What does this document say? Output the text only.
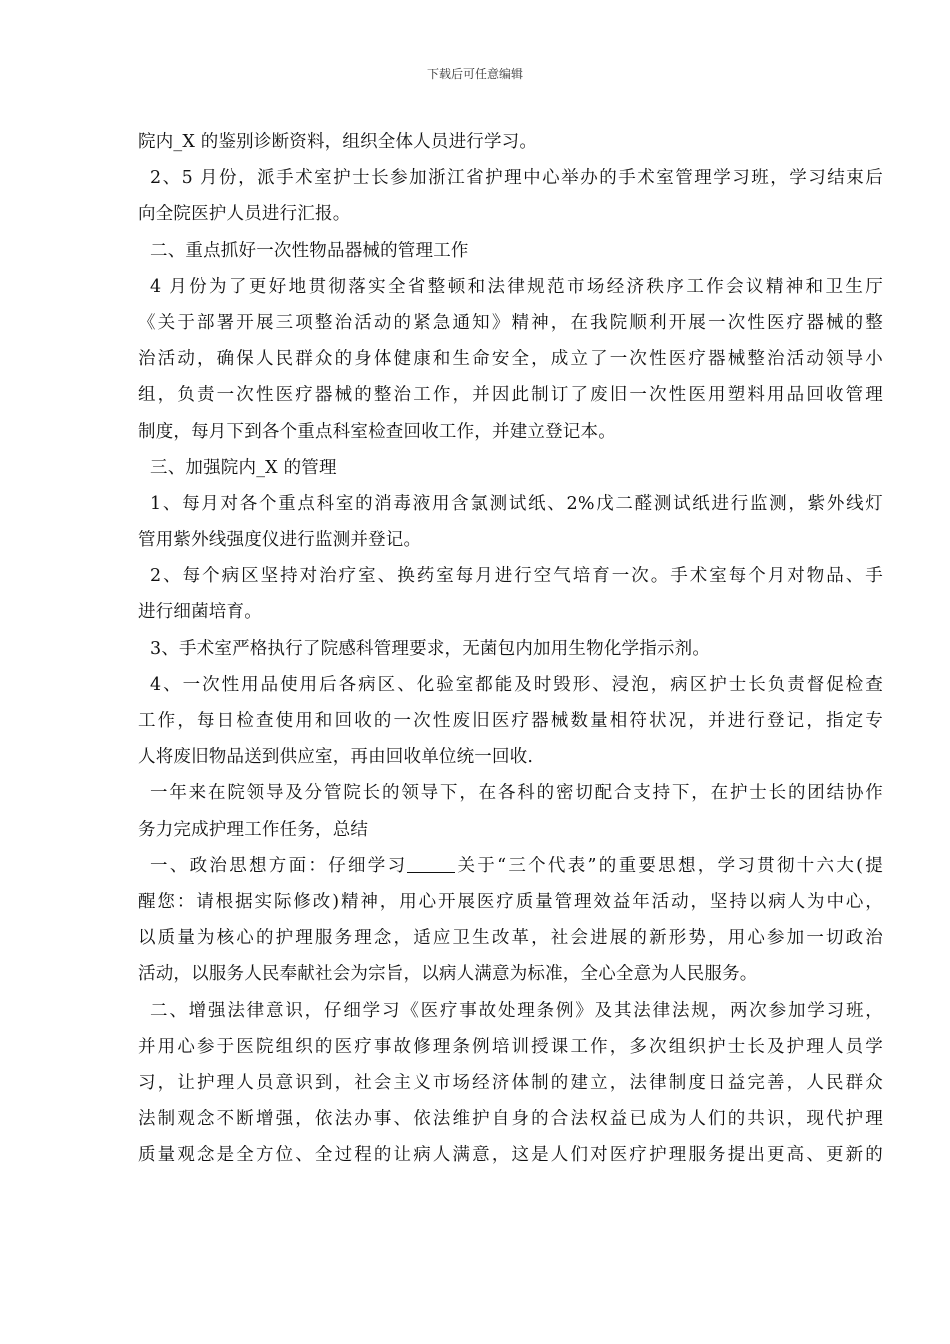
下载后可任意编辑
院内_X 的鉴别诊断资料，组织全体人员进行学习。
2、5 月份，派手术室护士长参加浙江省护理中心举办的手术室管理学习班，学习结束后
向全院医护人员进行汇报。
二、重点抓好一次性物品器械的管理工作
4 月份为了更好地贯彻落实全省整顿和法律规范市场经济秩序工作会议精神和卫生厅
《关于部署开展三项整治活动的紧急通知》精神，在我院顺利开展一次性医疗器械的整
治活动，确保人民群众的身体健康和生命安全，成立了一次性医疗器械整治活动领导小
组，负责一次性医疗器械的整治工作，并因此制订了废旧一次性医用塑料用品回收管理
制度，每月下到各个重点科室检查回收工作，并建立登记本。
三、加强院内_X 的管理
1、每月对各个重点科室的消毒液用含氯测试纸、2%戊二醛测试纸进行监测，紫外线灯
管用紫外线强度仪进行监测并登记。
2、每个病区坚持对治疗室、换药室每月进行空气培育一次。手术室每个月对物品、手
进行细菌培育。
3、手术室严格执行了院感科管理要求，无菌包内加用生物化学指示剂。
4、一次性用品使用后各病区、化验室都能及时毁形、浸泡，病区护士长负责督促检查
工作，每日检查使用和回收的一次性废旧医疗器械数量相符状况，并进行登记，指定专
人将废旧物品送到供应室，再由回收单位统一回收.
一年来在院领导及分管院长的领导下，在各科的密切配合支持下，在护士长的团结协作
务力完成护理工作任务，总结
一、政治思想方面：仔细学习	关于“三个代表”的重要思想，学习贯彻十六大(提
醒您：请根据实际修改)精神，用心开展医疗质量管理效益年活动，坚持以病人为中心，
以质量为核心的护理服务理念，适应卫生改革，社会进展的新形势，用心参加一切政治
活动，以服务人民奉献社会为宗旨，以病人满意为标准，全心全意为人民服务。
二、增强法律意识，仔细学习《医疗事故处理条例》及其法律法规，两次参加学习班，
并用心参于医院组织的医疗事故修理条例培训授课工作，多次组织护士长及护理人员学
习，让护理人员意识到，社会主义市场经济体制的建立，法律制度日益完善，人民群众
法制观念不断增强，依法办事、依法维护自身的合法权益已成为人们的共识，现代护理
质量观念是全方位、全过程的让病人满意，这是人们对医疗护理服务提出更高、更新的
